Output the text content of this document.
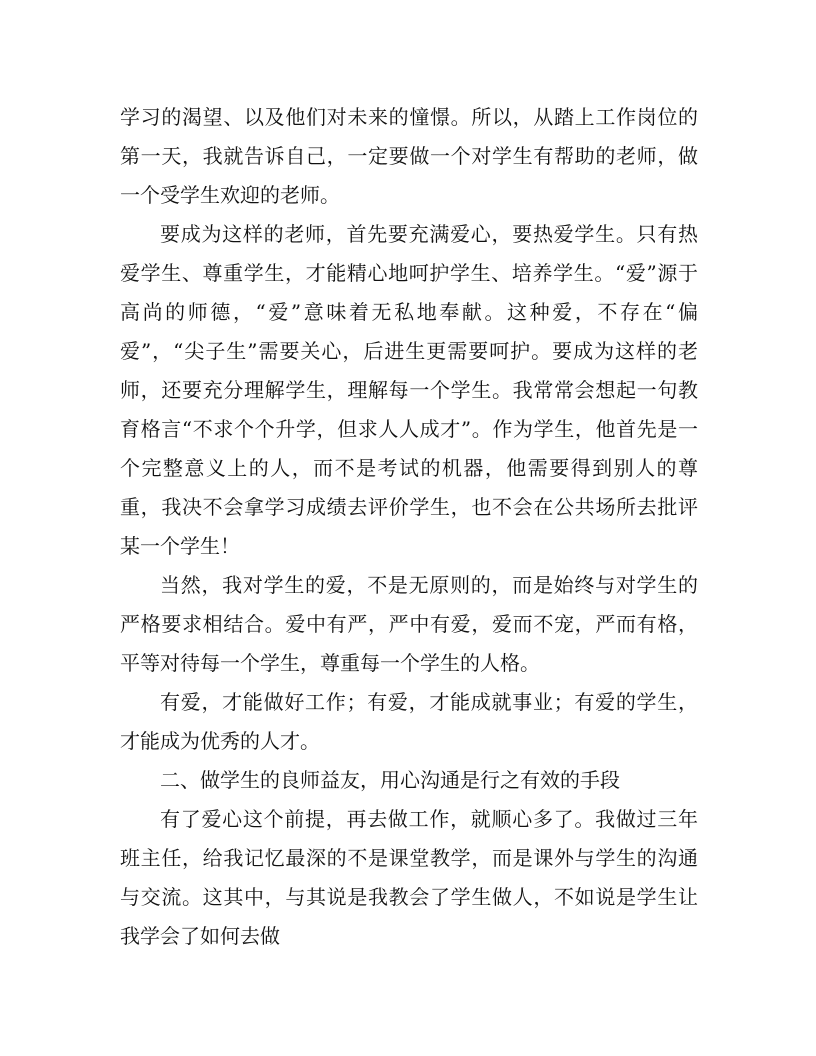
学习的渴望、以及他们对未来的憧憬。所以，从踏上工作岗位的第一天，我就告诉自己，一定要做一个对学生有帮助的老师，做一个受学生欢迎的老师。

要成为这样的老师，首先要充满爱心，要热爱学生。只有热爱学生、尊重学生，才能精心地呵护学生、培养学生。“爱”源于高尚的师德，“爱”意味着无私地奉献。这种爱，不存在“偏爱”，“尖子生”需要关心，后进生更需要呵护。要成为这样的老师，还要充分理解学生，理解每一个学生。我常常会想起一句教育格言“不求个个升学，但求人人成才”。作为学生，他首先是一个完整意义上的人，而不是考试的机器，他需要得到别人的尊重，我决不会拿学习成绩去评价学生，也不会在公共场所去批评某一个学生！

当然，我对学生的爱，不是无原则的，而是始终与对学生的严格要求相结合。爱中有严，严中有爱，爱而不宠，严而有格，平等对待每一个学生，尊重每一个学生的人格。

有爱，才能做好工作；有爱，才能成就事业；有爱的学生，才能成为优秀的人才。

二、做学生的良师益友，用心沟通是行之有效的手段

有了爱心这个前提，再去做工作，就顺心多了。我做过三年班主任，给我记忆最深的不是课堂教学，而是课外与学生的沟通与交流。这其中，与其说是我教会了学生做人，不如说是学生让我学会了如何去做
